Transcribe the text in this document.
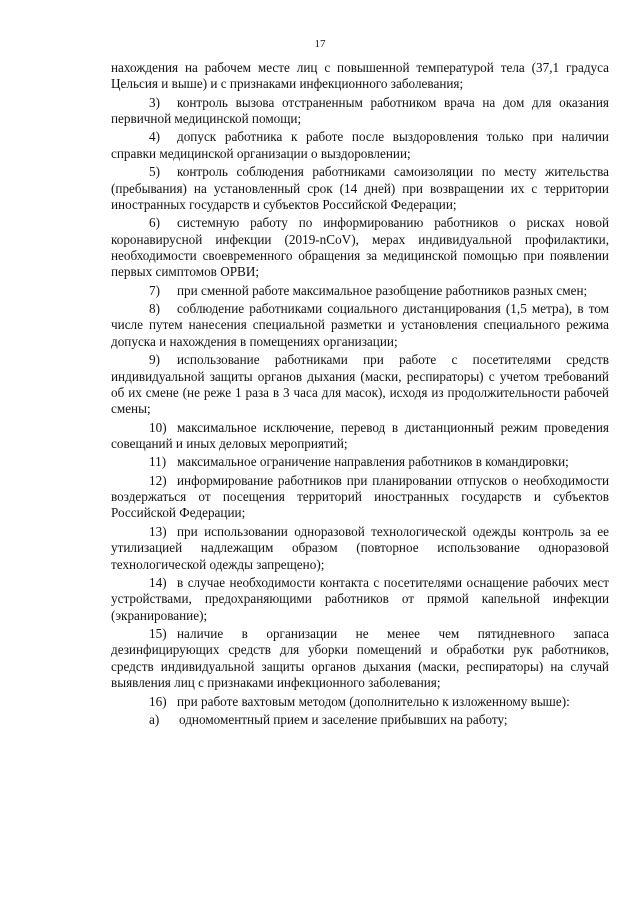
17

нахождения на рабочем месте лиц с повышенной температурой тела (37,1 градуса Цельсия и выше) и с признаками инфекционного заболевания;

3) контроль вызова отстраненным работником врача на дом для оказания первичной медицинской помощи;

4) допуск работника к работе после выздоровления только при наличии справки медицинской организации о выздоровлении;

5) контроль соблюдения работниками самоизоляции по месту жительства (пребывания) на установленный срок (14 дней) при возвращении их с территории иностранных государств и субъектов Российской Федерации;

6) системную работу по информированию работников о рисках новой коронавирусной инфекции (2019-nCoV), мерах индивидуальной профилактики, необходимости своевременного обращения за медицинской помощью при появлении первых симптомов ОРВИ;

7) при сменной работе максимальное разобщение работников разных смен;

8) соблюдение работниками социального дистанцирования (1,5 метра), в том числе путем нанесения специальной разметки и установления специального режима допуска и нахождения в помещениях организации;

9) использование работниками при работе с посетителями средств индивидуальной защиты органов дыхания (маски, респираторы) с учетом требований об их смене (не реже 1 раза в 3 часа для масок), исходя из продолжительности рабочей смены;

10) максимальное исключение, перевод в дистанционный режим проведения совещаний и иных деловых мероприятий;

11) максимальное ограничение направления работников в командировки;

12) информирование работников при планировании отпусков о необходимости воздержаться от посещения территорий иностранных государств и субъектов Российской Федерации;

13) при использовании одноразовой технологической одежды контроль за ее утилизацией надлежащим образом (повторное использование одноразовой технологической одежды запрещено);

14) в случае необходимости контакта с посетителями оснащение рабочих мест устройствами, предохраняющими работников от прямой капельной инфекции (экранирование);

15) наличие в организации не менее чем пятидневного запаса дезинфицирующих средств для уборки помещений и обработки рук работников, средств индивидуальной защиты органов дыхания (маски, респираторы) на случай выявления лиц с признаками инфекционного заболевания;

16) при работе вахтовым методом (дополнительно к изложенному выше):

а) одномоментный прием и заселение прибывших на работу;
